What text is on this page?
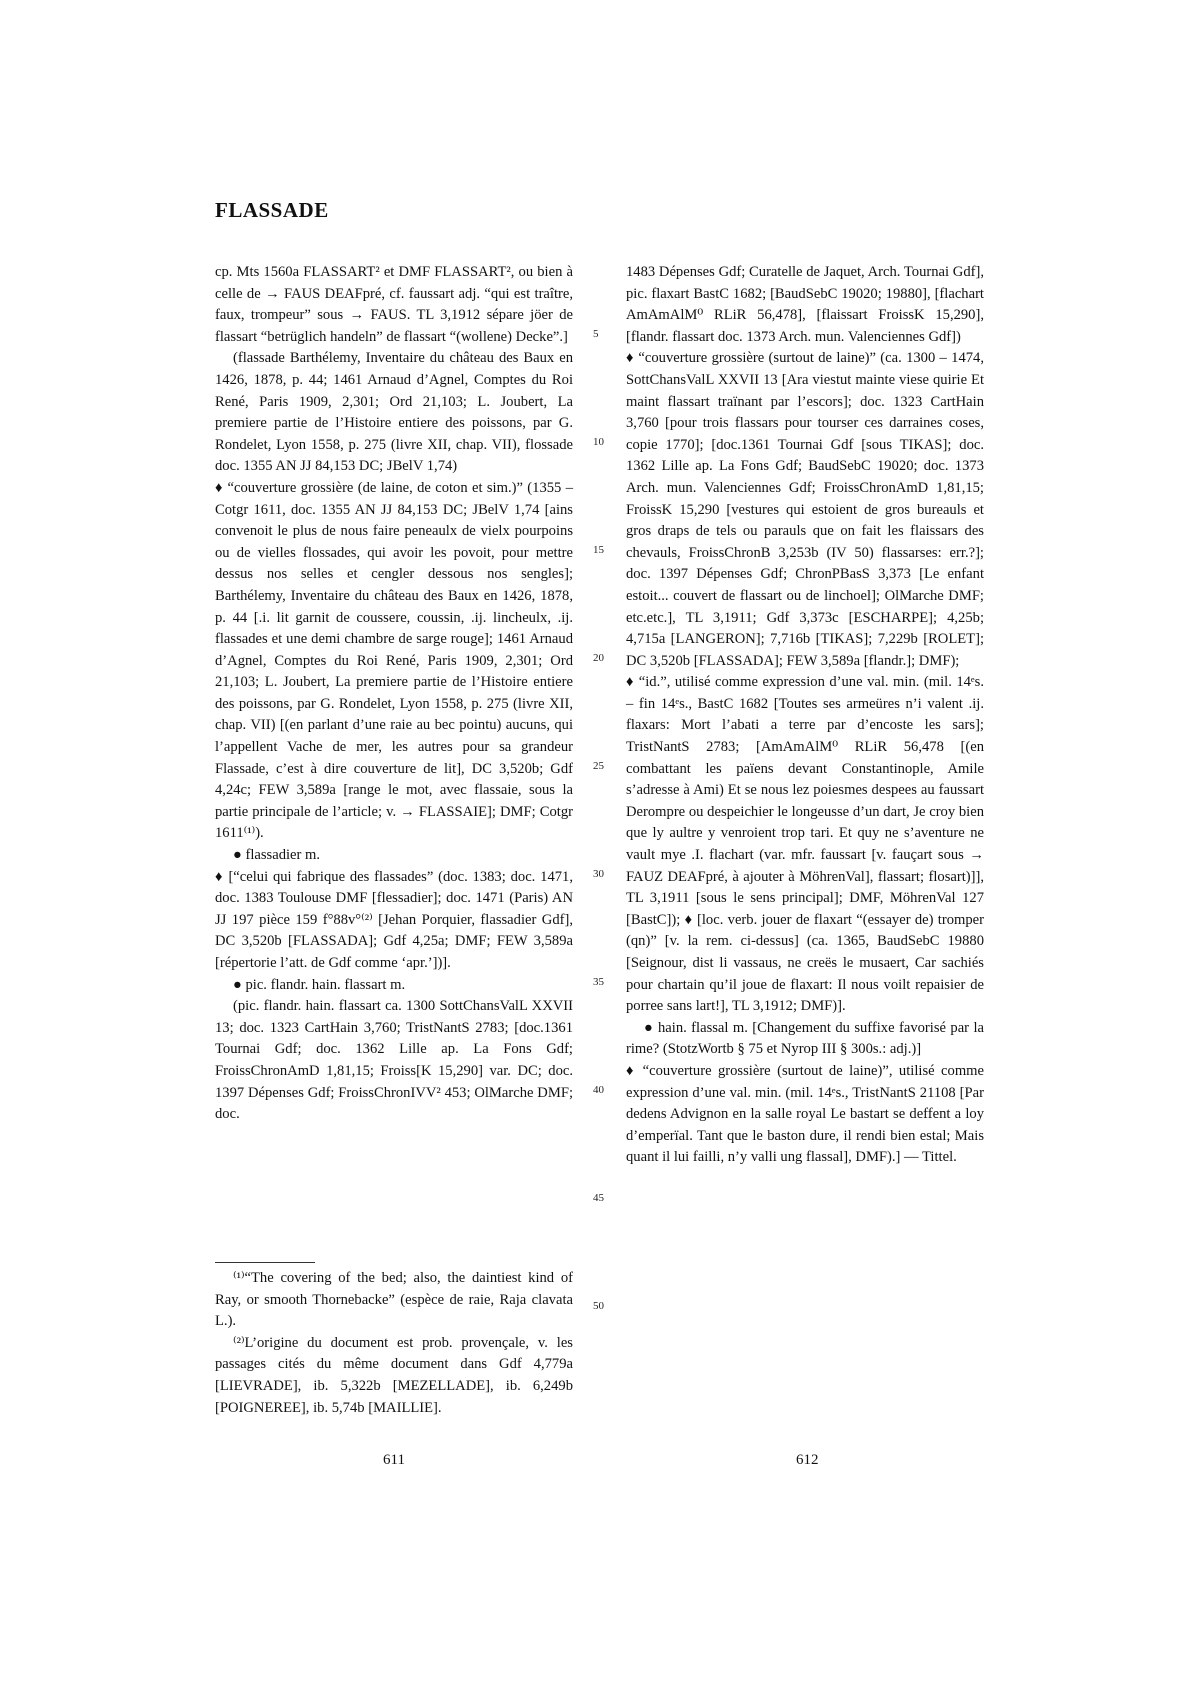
FLASSADE

cp. Mts 1560a FLASSART² et DMF FLASSART², ou bien à celle de → FAUS DEAFpré, cf. faussart adj. “qui est traître, faux, trompeur” sous → FAUS. TL 3,1912 sépare jöer de flassart “betrüglich handeln” de flassart “(wollene) Decke”.]

(flassade Barthélemy, Inventaire du château des Baux en 1426, 1878, p. 44; 1461 Arnaud d’Agnel, Comptes du Roi René, Paris 1909, 2,301; Ord 21,103; L. Joubert, La premiere partie de l’Histoire entiere des poissons, par G. Rondelet, Lyon 1558, p. 275 (livre XII, chap. VII), flossade doc. 1355 AN JJ 84,153 DC; JBelV 1,74)

♦ “couverture grossière (de laine, de coton et sim.)” (1355 – Cotgr 1611, doc. 1355 AN JJ 84,153 DC; JBelV 1,74 [ains convenoit le plus de nous faire peneaulx de vielx pourpoins ou de vielles flossades, qui avoir les povoit, pour mettre dessus nos selles et cengler dessous nos sengles]; Barthélemy, Inventaire du château des Baux en 1426, 1878, p. 44 [.i. lit garnit de coussere, coussin, .ij. lincheulx, .ij. flassades et une demi chambre de sarge rouge]; 1461 Arnaud d’Agnel, Comptes du Roi René, Paris 1909, 2,301; Ord 21,103; L. Joubert, La premiere partie de l’Histoire entiere des poissons, par G. Rondelet, Lyon 1558, p. 275 (livre XII, chap. VII) [(en parlant d’une raie au bec pointu) aucuns, qui l’appellent Vache de mer, les autres pour sa grandeur Flassade, c’est à dire couverture de lit], DC 3,520b; Gdf 4,24c; FEW 3,589a [range le mot, avec flassaie, sous la partie principale de l’article; v. → FLASSAIE]; DMF; Cotgr 1611⁽¹⁾).

● flassadier m.

♦ [“celui qui fabrique des flassades” (doc. 1383; doc. 1471, doc. 1383 Toulouse DMF [flessadier]; doc. 1471 (Paris) AN JJ 197 pièce 159 f°88v°⁽²⁾ [Jehan Porquier, flassadier Gdf], DC 3,520b [FLASSADA]; Gdf 4,25a; DMF; FEW 3,589a [répertorie l’att. de Gdf comme ‘apr.’])].

● pic. flandr. hain. flassart m.

(pic. flandr. hain. flassart ca. 1300 SottChansValL XXVII 13; doc. 1323 CartHain 3,760; TristNantS 2783; [doc.1361 Tournai Gdf; doc. 1362 Lille ap. La Fons Gdf; FroissChronAmD 1,81,15; Froiss[K 15,290] var. DC; doc. 1397 Dépenses Gdf; FroissChronIVV² 453; OlMarche DMF; doc.

5
10
15
20
25
30
35
40
45
50

1483 Dépenses Gdf; Curatelle de Jaquet, Arch. Tournai Gdf], pic. flaxart BastC 1682; [BaudSebC 19020; 19880], [flachart AmAmAlM⁰ RLiR 56,478], [flaissart FroissK 15,290], [flandr. flassart doc. 1373 Arch. mun. Valenciennes Gdf])

♦ “couverture grossière (surtout de laine)” (ca. 1300 – 1474, SottChansValL XXVII 13 [Ara viestut mainte viese quirie Et maint flassart traïnant par l’escors]; doc. 1323 CartHain 3,760 [pour trois flassars pour tourser ces darraines coses, copie 1770]; [doc.1361 Tournai Gdf [sous TIKAS]; doc. 1362 Lille ap. La Fons Gdf; BaudSebC 19020; doc. 1373 Arch. mun. Valenciennes Gdf; FroissChronAmD 1,81,15; FroissK 15,290 [vestures qui estoient de gros bureauls et gros draps de tels ou parauls que on fait les flaissars des chevauls, FroissChronB 3,253b (IV 50) flassarses: err.?]; doc. 1397 Dépenses Gdf; ChronPBasS 3,373 [Le enfant estoit... couvert de flassart ou de linchoel]; OlMarche DMF; etc.etc.], TL 3,1911; Gdf 3,373c [ESCHARPE]; 4,25b; 4,715a [LANGERON]; 7,716b [TIKAS]; 7,229b [ROLET]; DC 3,520b [FLASSADA]; FEW 3,589a [flandr.]; DMF);

♦ “id.”, utilisé comme expression d’une val. min. (mil. 14ᵉs. – fin 14ᵉs., BastC 1682 [Toutes ses armeüres n’i valent .ij. flaxars: Mort l’abati a terre par d’encoste les sars]; TristNantS 2783; [AmAmAlM⁰ RLiR 56,478 [(en combattant les païens devant Constantinople, Amile s’adresse à Ami) Et se nous lez poiesmes despees au faussart Derompre ou despeichier le longeusse d’un dart, Je croy bien que ly aultre y venroient trop tari. Et quy ne s’aventure ne vault mye .I. flachart (var. mfr. faussart [v. fauçart sous → FAUZ DEAFpré, à ajouter à MöhrenVal], flassart; flosart)]], TL 3,1911 [sous le sens principal]; DMF, MöhrenVal 127 [BastC]); ♦ [loc. verb. jouer de flaxart “(essayer de) tromper (qn)” [v. la rem. ci-dessus] (ca. 1365, BaudSebC 19880 [Seignour, dist li vassaus, ne creës le musaert, Car sachiés pour chartain qu’il joue de flaxart: Il nous voilt repaisier de porree sans lart!], TL 3,1912; DMF)].

● hain. flassal m. [Changement du suffixe favorisé par la rime? (StotzWortb § 75 et Nyrop III § 300s.: adj.)]

♦ “couverture grossière (surtout de laine)”, utilisé comme expression d’une val. min. (mil. 14ᵉs., TristNantS 21108 [Par dedens Advignon en la salle royal Le bastart se deffent a loy d’emperïal. Tant que le baston dure, il rendi bien estal; Mais quant il lui failli, n’y valli ung flassal], DMF).] — Tittel.

⁽¹⁾“The covering of the bed; also, the daintiest kind of Ray, or smooth Thornebacke” (espèce de raie, Raja clavata L.).

⁽²⁾L’origine du document est prob. provençale, v. les passages cités du même document dans Gdf 4,779a [LIEVRADE], ib. 5,322b [MEZELLADE], ib. 6,249b [POIGNEREE], ib. 5,74b [MAILLIE].

611	612
